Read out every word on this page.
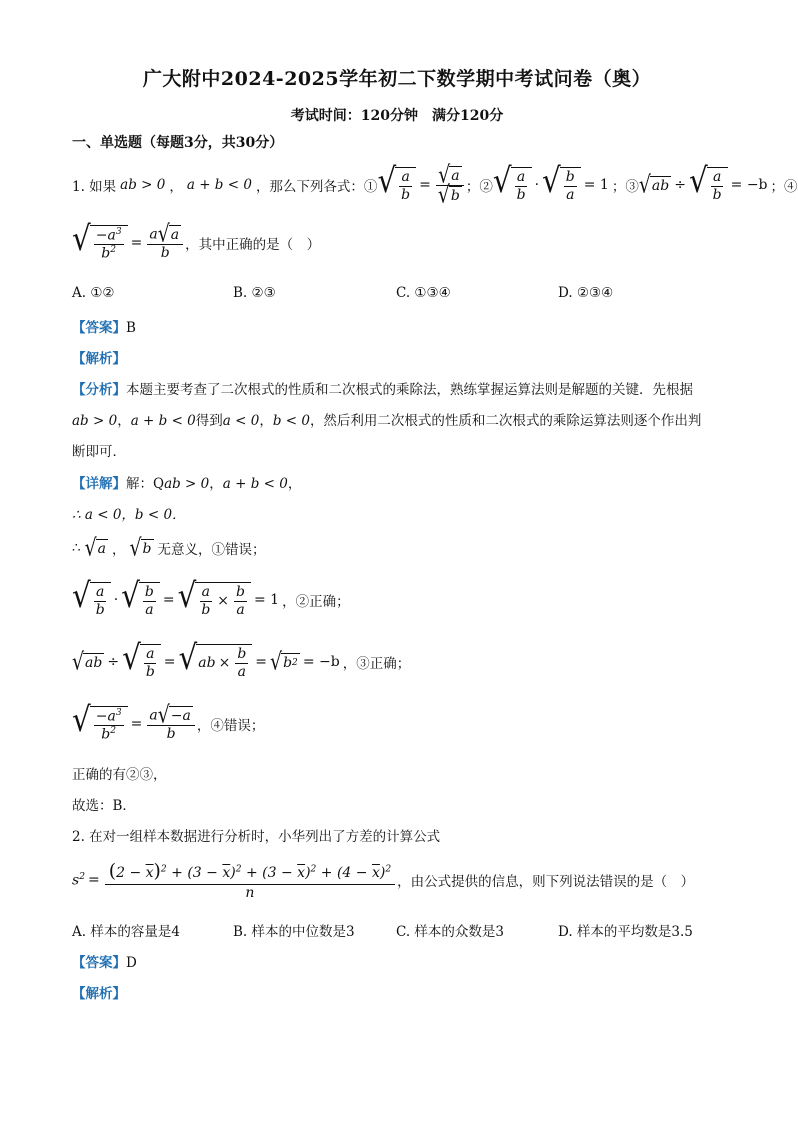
广大附中2024-2025学年初二下数学期中考试问卷（奥）
考试时间：120分钟　满分120分
一、单选题（每题3分，共30分）
1. 如果 ab > 0 ， a + b < 0 ，那么下列各式：① √ $\frac{a}{b} = \frac{√ a}{√ b}$ ；② √ $\frac{a}{b}$ · √ $\frac{b}{a} = 1$ ；③ √ ab ÷ √ $\frac{a}{b} = -b$ ；④
√ $\frac{-a^3}{b^2} = \frac{a √ a}{b}$ ，其中正确的是（　）
A. ①②	B. ②③	C. ①③④	D. ②③④
【答案】B
【解析】
【分析】本题主要考查了二次根式的性质和二次根式的乘除法，熟练掌握运算法则是解题的关键．先根据
ab > 0，a + b < 0得到a < 0，b < 0，然后利用二次根式的性质和二次根式的乘除运算法则逐个作出判
断即可．
【详解】解：Qab > 0，a + b < 0，
∴ a < 0，b < 0．
∴ √ a ， √ b 无意义，①错误；
√ $\frac{a}{b}$ · √ $\frac{b}{a}$ = √ $\frac{a}{b} \times \frac{b}{a} = 1$ ，②正确；
√ ab ÷ √ $\frac{a}{b}$ = √ ab × $\frac{b}{a}$ = √ b 2 = −b ，③正确；
√ $\frac{-a^3}{b^2} = \frac{a √ -a}{b}$ ，④错误；
正确的有②③，
故选：B．
2. 在对一组样本数据进行分析时，小华列出了方差的计算公式
$s^2 = \frac{(2 - \overline{x})^2 + (3 - \overline{x})^2 + (3 - \overline{x})^2 + (4 - \overline{x})^2}{n}$ ，由公式提供的信息，则下列说法错误的是（　）
A. 样本的容量是4	B. 样本的中位数是3	C. 样本的众数是3	D. 样本的平均数是3.5
【答案】D
【解析】
